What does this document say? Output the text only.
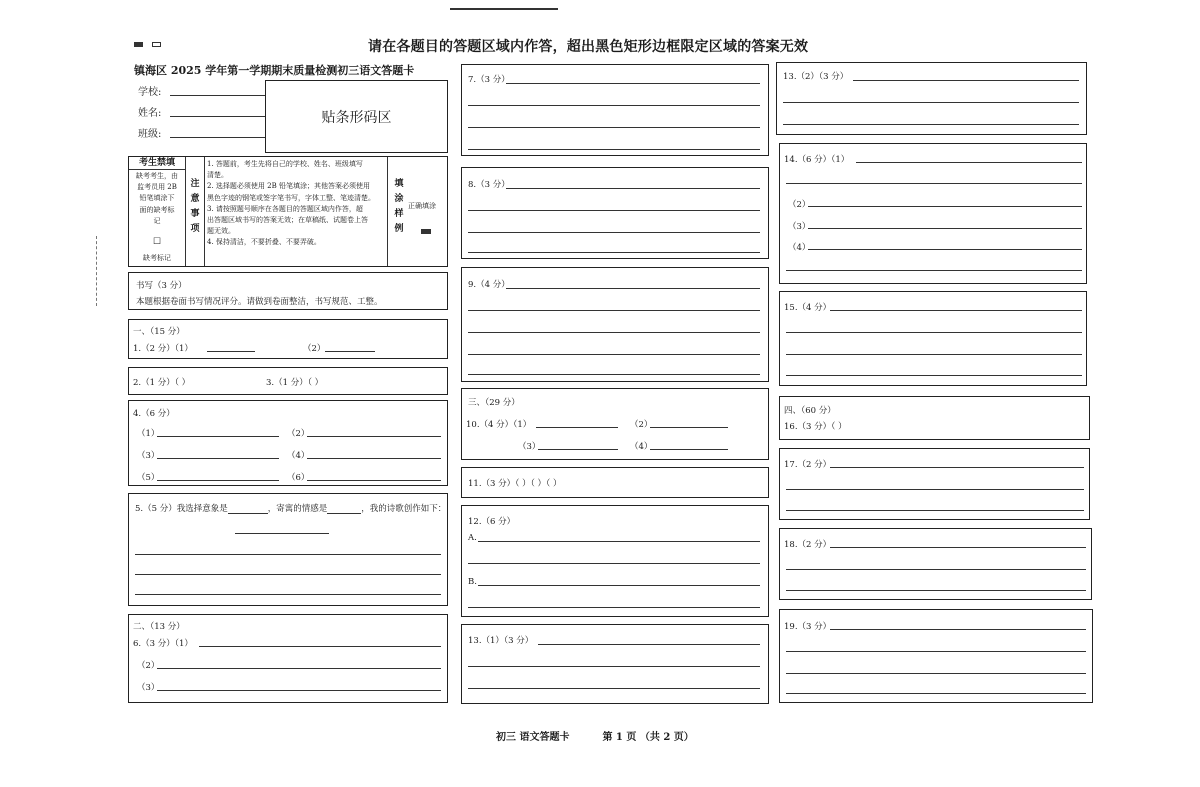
请在各题目的答题区域内作答，超出黑色矩形边框限定区域的答案无效
镇海区 2025 学年第一学期期末质量检测初三语文答题卡
学校:
姓名:
班级:
贴条形码区
考生禁填
缺考考生，由
监考员用 2B
铅笔填涂下
面的缺考标
记
☐
缺考标记
注
意
事
项
1. 答题前，考生先将自己的学校、姓名、班级填写
清楚。
2. 选择题必须使用 2B 铅笔填涂；其他答案必须使用
黑色字迹的钢笔或签字笔书写，字体工整、笔迹清楚。
3. 请按照题号顺序在各题目的答题区域内作答，超
出答题区域书写的答案无效；在草稿纸、试题卷上答
题无效。
4. 保持清洁，不要折叠、不要弄破。
填
涂
样
例
正确填涂
书写（3 分）
本题根据卷面书写情况评分。请做到卷面整洁，书写规范、工整。
一、（15 分）
1.（2 分）（1）	（2）
2.（1 分）（ ）	3.（1 分）（ ）
4.（6 分）
（1）	（2）
（3）	（4）
（5）	（6）
5.（5 分）我选择意象是	，寄寓的情感是	，我的诗歌创作如下：
二、（13 分）
6.（3 分）（1）
（2）
（3）
7.（3 分）
8.（3 分）
9.（4 分）
三、（29 分）
10.（4 分）（1）	（2）
（3）	（4）
11.（3 分）（ ）（ ）（ ）
12.（6 分）
A.
B.
13.（1）（3 分）
13.（2）（3 分）
14.（6 分）（1）
（2）
（3）
（4）
15.（4 分）
四、（60 分）
16.（3 分）（ ）
17.（2 分）
18.（2 分）
19.（3 分）
初三 语文答题卡	第 1 页 （共 2 页）
